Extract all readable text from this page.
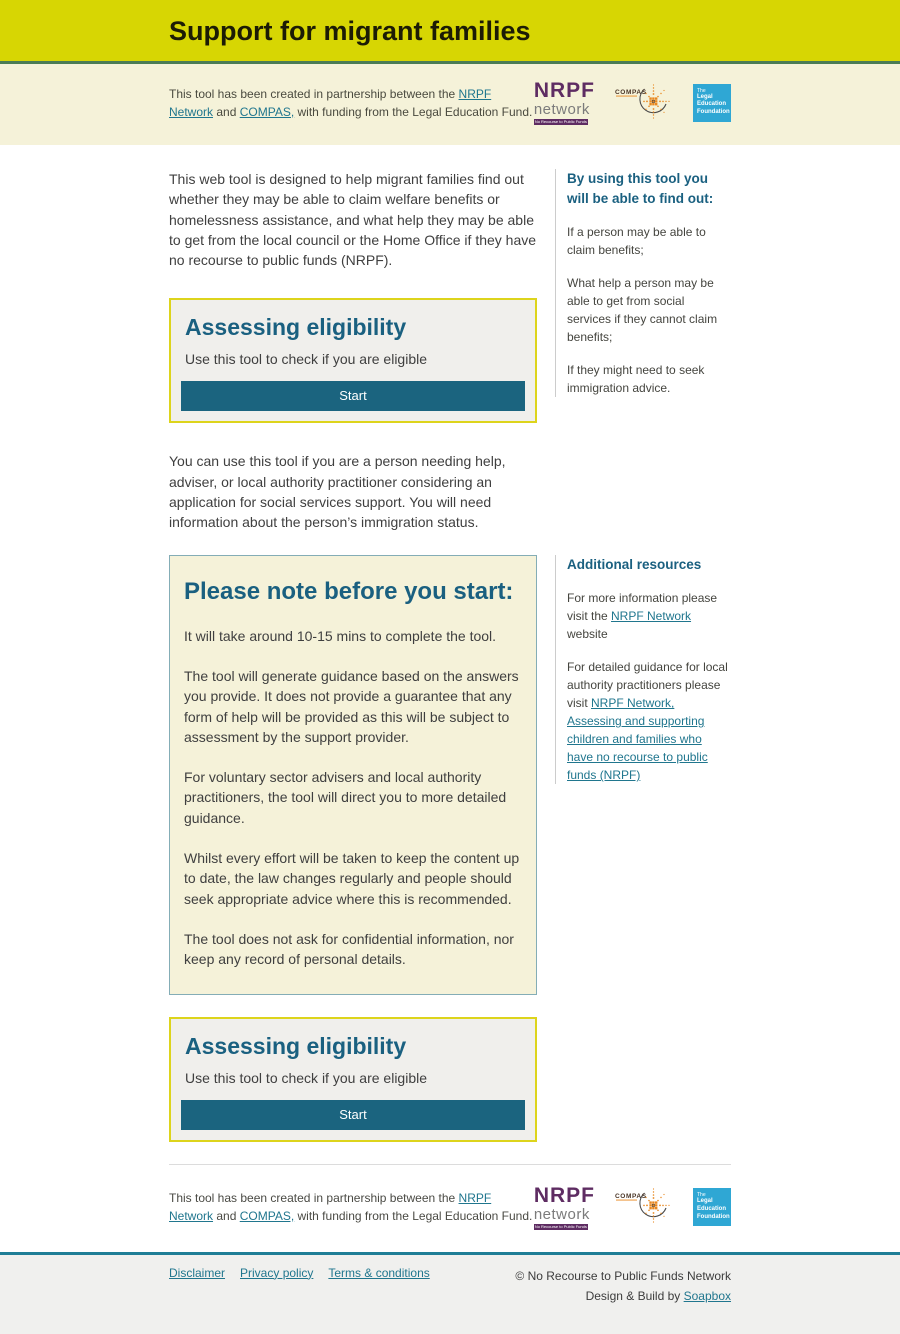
Support for migrant families
This tool has been created in partnership between the NRPF Network and COMPAS, with funding from the Legal Education Fund.
NRPF
network
No Recourse to Public Funds
COMPAS	The
Legal
Education
Foundation

This web tool is designed to help migrant families find out whether they may be able to claim welfare benefits or homelessness assistance, and what help they may be able to get from the local council or the Home Office if they have no recourse to public funds (NRPF).

Assessing eligibility

Use this tool to check if you are eligible

Start

You can use this tool if you are a person needing help, adviser, or local authority practitioner considering an application for social services support. You will need information about the person’s immigration status.

By using this tool you will be able to find out:

If a person may be able to claim benefits;

What help a person may be able to get from social services if they cannot claim benefits;

If they might need to seek immigration advice.

Please note before you start:

It will take around 10-15 mins to complete the tool.

The tool will generate guidance based on the answers you provide. It does not provide a guarantee that any form of help will be provided as this will be subject to assessment by the support provider.

For voluntary sector advisers and local authority practitioners, the tool will direct you to more detailed guidance.

Whilst every effort will be taken to keep the content up to date, the law changes regularly and people should seek appropriate advice where this is recommended.

The tool does not ask for confidential information, nor keep any record of personal details.

Additional resources

For more information please visit the NRPF Network website

For detailed guidance for local authority practitioners please visit NRPF Network, Assessing and supporting children and families who have no recourse to public funds (NRPF)

Assessing eligibility

Use this tool to check if you are eligible

Start
This tool has been created in partnership between the NRPF Network and COMPAS, with funding from the Legal Education Fund.
NRPF
network
No Recourse to Public Funds
COMPAS	The
Legal
Education
Foundation
Disclaimer Privacy policy Terms & conditions	© No Recourse to Public Funds Network
Design & Build by Soapbox
